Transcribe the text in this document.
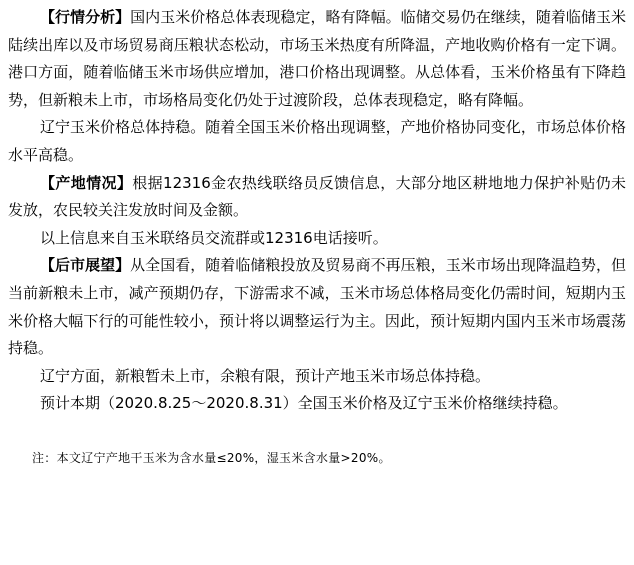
【行情分析】国内玉米价格总体表现稳定，略有降幅。临储交易仍在继续，随着临储玉米陆续出库以及市场贸易商压粮状态松动，市场玉米热度有所降温，产地收购价格有一定下调。港口方面，随着临储玉米市场供应增加，港口价格出现调整。从总体看，玉米价格虽有下降趋势，但新粮未上市，市场格局变化仍处于过渡阶段，总体表现稳定，略有降幅。

辽宁玉米价格总体持稳。随着全国玉米价格出现调整，产地价格协同变化，市场总体价格水平高稳。

【产地情况】根据12316金农热线联络员反馈信息，大部分地区耕地地力保护补贴仍未发放，农民较关注发放时间及金额。

以上信息来自玉米联络员交流群或12316电话接听。

【后市展望】从全国看，随着临储粮投放及贸易商不再压粮，玉米市场出现降温趋势，但当前新粮未上市，减产预期仍存，下游需求不减，玉米市场总体格局变化仍需时间，短期内玉米价格大幅下行的可能性较小，预计将以调整运行为主。因此，预计短期内国内玉米市场震荡持稳。

辽宁方面，新粮暂未上市，余粮有限，预计产地玉米市场总体持稳。

预计本期（2020.8.25～2020.8.31）全国玉米价格及辽宁玉米价格继续持稳。

注：本文辽宁产地干玉米为含水量≤20%，湿玉米含水量>20%。
